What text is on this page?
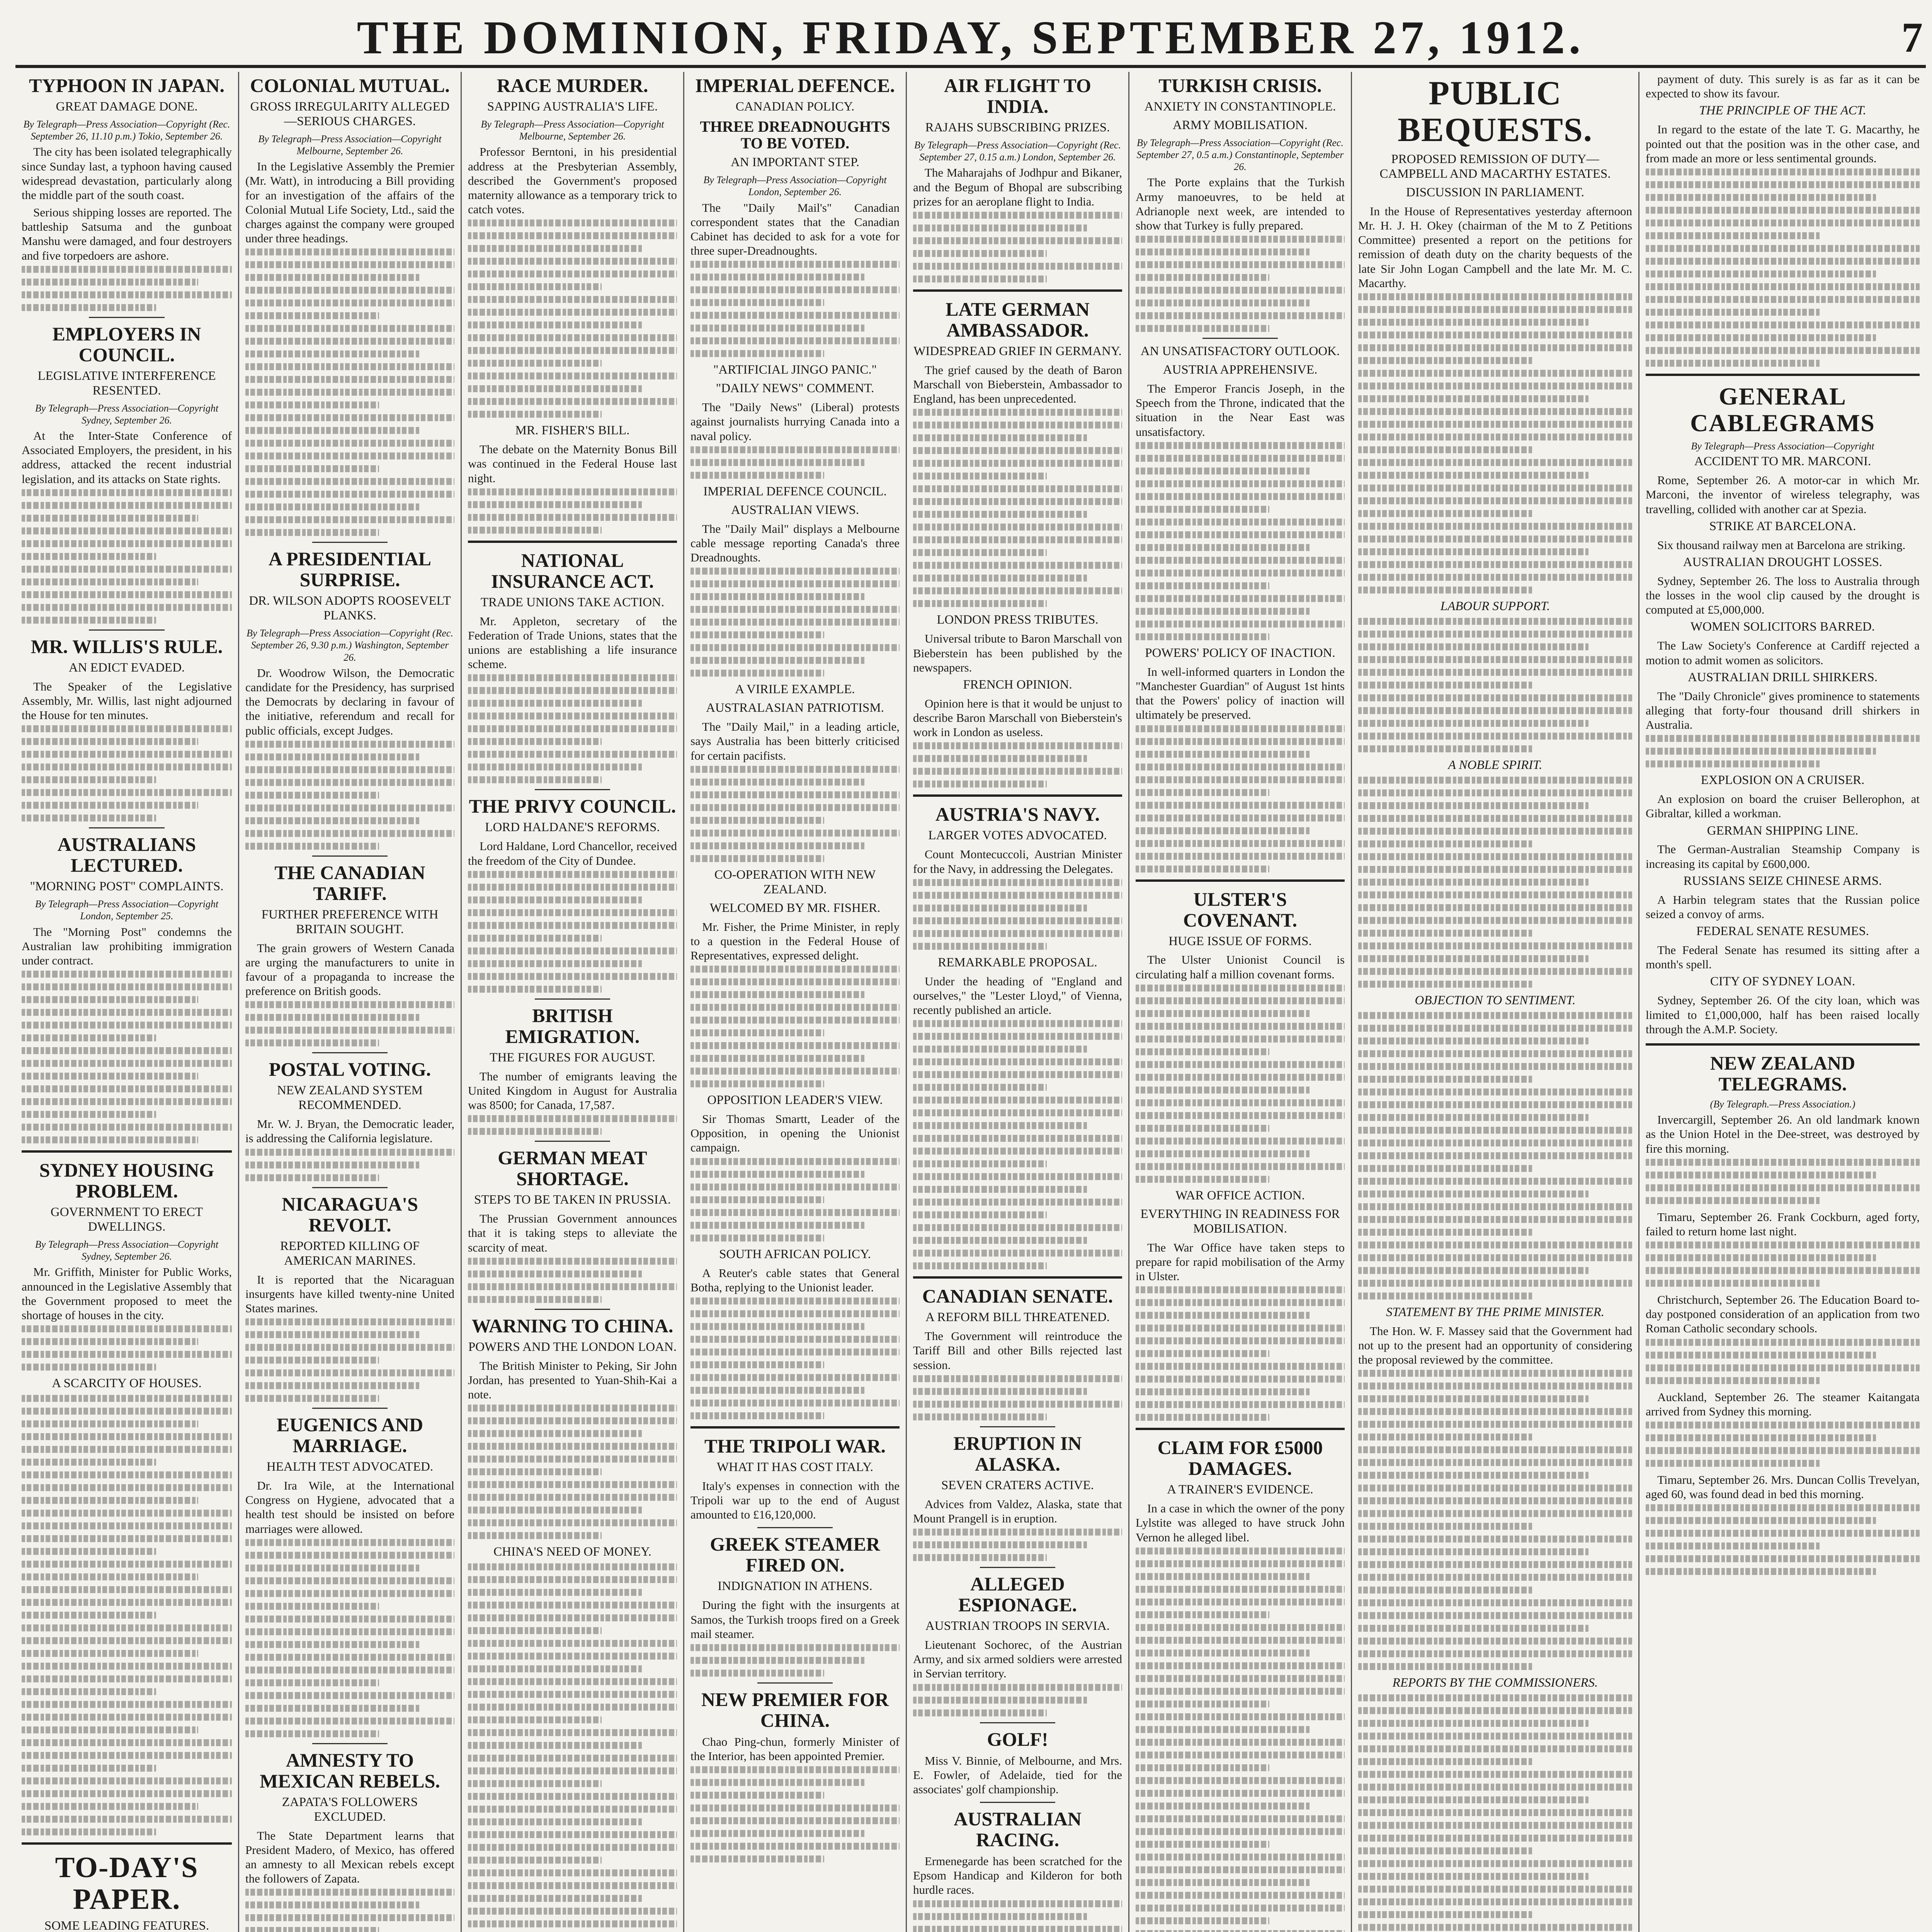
THE DOMINION, FRIDAY, SEPTEMBER 27, 1912.	7
TYPHOON IN JAPAN.
GREAT DAMAGE DONE.
By Telegraph—Press Association—Copyright (Rec. September 26, 11.10 p.m.) Tokio, September 26.

The city has been isolated telegraphically since Sunday last, a typhoon having caused widespread devastation, particularly along the middle part of the south coast.

Serious shipping losses are reported. The battleship Satsuma and the gunboat Manshu were damaged, and four destroyers and five torpedoers are ashore.

EMPLOYERS IN COUNCIL.
LEGISLATIVE INTERFERENCE RESENTED.
By Telegraph—Press Association—Copyright Sydney, September 26.

At the Inter-State Conference of Associated Employers, the president, in his address, attacked the recent industrial legislation, and its attacks on State rights.

MR. WILLIS'S RULE.
AN EDICT EVADED.

The Speaker of the Legislative Assembly, Mr. Willis, last night adjourned the House for ten minutes.

AUSTRALIANS LECTURED.
"MORNING POST" COMPLAINTS.
By Telegraph—Press Association—Copyright London, September 25.

The "Morning Post" condemns the Australian law prohibiting immigration under contract.

SYDNEY HOUSING PROBLEM.
GOVERNMENT TO ERECT DWELLINGS.
By Telegraph—Press Association—Copyright Sydney, September 26.

Mr. Griffith, Minister for Public Works, announced in the Legislative Assembly that the Government proposed to meet the shortage of houses in the city.

A SCARCITY OF HOUSES.
TO-DAY'S PAPER.
SOME LEADING FEATURES.
COLONIAL MUTUAL.
GROSS IRREGULARITY ALLEGED—SERIOUS CHARGES.
By Telegraph—Press Association—Copyright Melbourne, September 26.

In the Legislative Assembly the Premier (Mr. Watt), in introducing a Bill providing for an investigation of the affairs of the Colonial Mutual Life Society, Ltd., said the charges against the company were grouped under three headings.

A PRESIDENTIAL SURPRISE.
DR. WILSON ADOPTS ROOSEVELT PLANKS.
By Telegraph—Press Association—Copyright (Rec. September 26, 9.30 p.m.) Washington, September 26.

Dr. Woodrow Wilson, the Democratic candidate for the Presidency, has surprised the Democrats by declaring in favour of the initiative, referendum and recall for public officials, except Judges.

THE CANADIAN TARIFF.
FURTHER PREFERENCE WITH BRITAIN SOUGHT.

The grain growers of Western Canada are urging the manufacturers to unite in favour of a propaganda to increase the preference on British goods.

POSTAL VOTING.
NEW ZEALAND SYSTEM RECOMMENDED.

Mr. W. J. Bryan, the Democratic leader, is addressing the California legislature.

NICARAGUA'S REVOLT.
REPORTED KILLING OF AMERICAN MARINES.

It is reported that the Nicaraguan insurgents have killed twenty-nine United States marines.

EUGENICS AND MARRIAGE.
HEALTH TEST ADVOCATED.

Dr. Ira Wile, at the International Congress on Hygiene, advocated that a health test should be insisted on before marriages were allowed.

AMNESTY TO MEXICAN REBELS.
ZAPATA'S FOLLOWERS EXCLUDED.

The State Department learns that President Madero, of Mexico, has offered an amnesty to all Mexican rebels except the followers of Zapata.

RACE MURDER.
SAPPING AUSTRALIA'S LIFE.
By Telegraph—Press Association—Copyright Melbourne, September 26.

Professor Berntoni, in his presidential address at the Presbyterian Assembly, described the Government's proposed maternity allowance as a temporary trick to catch votes.

MR. FISHER'S BILL.

The debate on the Maternity Bonus Bill was continued in the Federal House last night.

NATIONAL INSURANCE ACT.
TRADE UNIONS TAKE ACTION.

Mr. Appleton, secretary of the Federation of Trade Unions, states that the unions are establishing a life insurance scheme.

THE PRIVY COUNCIL.
LORD HALDANE'S REFORMS.

Lord Haldane, Lord Chancellor, received the freedom of the City of Dundee.

BRITISH EMIGRATION.
THE FIGURES FOR AUGUST.

The number of emigrants leaving the United Kingdom in August for Australia was 8500; for Canada, 17,587.

GERMAN MEAT SHORTAGE.
STEPS TO BE TAKEN IN PRUSSIA.

The Prussian Government announces that it is taking steps to alleviate the scarcity of meat.

WARNING TO CHINA.
POWERS AND THE LONDON LOAN.

The British Minister to Peking, Sir John Jordan, has presented to Yuan-Shih-Kai a note.

CHINA'S NEED OF MONEY.
IMPERIAL DEFENCE.
CANADIAN POLICY.
THREE DREADNOUGHTS TO BE VOTED.
AN IMPORTANT STEP.
By Telegraph—Press Association—Copyright London, September 26.

The "Daily Mail's" Canadian correspondent states that the Canadian Cabinet has decided to ask for a vote for three super-Dreadnoughts.

"ARTIFICIAL JINGO PANIC."
"DAILY NEWS" COMMENT.

The "Daily News" (Liberal) protests against journalists hurrying Canada into a naval policy.

IMPERIAL DEFENCE COUNCIL.
AUSTRALIAN VIEWS.

The "Daily Mail" displays a Melbourne cable message reporting Canada's three Dreadnoughts.

A VIRILE EXAMPLE.
AUSTRALASIAN PATRIOTISM.

The "Daily Mail," in a leading article, says Australia has been bitterly criticised for certain pacifists.

CO-OPERATION WITH NEW ZEALAND.
WELCOMED BY MR. FISHER.

Mr. Fisher, the Prime Minister, in reply to a question in the Federal House of Representatives, expressed delight.

OPPOSITION LEADER'S VIEW.

Sir Thomas Smartt, Leader of the Opposition, in opening the Unionist campaign.

SOUTH AFRICAN POLICY.

A Reuter's cable states that General Botha, replying to the Unionist leader.

THE TRIPOLI WAR.
WHAT IT HAS COST ITALY.

Italy's expenses in connection with the Tripoli war up to the end of August amounted to £16,120,000.

GREEK STEAMER FIRED ON.
INDIGNATION IN ATHENS.

During the fight with the insurgents at Samos, the Turkish troops fired on a Greek mail steamer.

NEW PREMIER FOR CHINA.

Chao Ping-chun, formerly Minister of the Interior, has been appointed Premier.

AIR FLIGHT TO INDIA.
RAJAHS SUBSCRIBING PRIZES.
By Telegraph—Press Association—Copyright (Rec. September 27, 0.15 a.m.) London, September 26.

The Maharajahs of Jodhpur and Bikaner, and the Begum of Bhopal are subscribing prizes for an aeroplane flight to India.

LATE GERMAN AMBASSADOR.
WIDESPREAD GRIEF IN GERMANY.

The grief caused by the death of Baron Marschall von Bieberstein, Ambassador to England, has been unprecedented.

LONDON PRESS TRIBUTES.

Universal tribute to Baron Marschall von Bieberstein has been published by the newspapers.

FRENCH OPINION.

Opinion here is that it would be unjust to describe Baron Marschall von Bieberstein's work in London as useless.

AUSTRIA'S NAVY.
LARGER VOTES ADVOCATED.

Count Montecuccoli, Austrian Minister for the Navy, in addressing the Delegates.

REMARKABLE PROPOSAL.

Under the heading of "England and ourselves," the "Lester Lloyd," of Vienna, recently published an article.

CANADIAN SENATE.
A REFORM BILL THREATENED.

The Government will reintroduce the Tariff Bill and other Bills rejected last session.

ERUPTION IN ALASKA.
SEVEN CRATERS ACTIVE.

Advices from Valdez, Alaska, state that Mount Prangell is in eruption.

ALLEGED ESPIONAGE.
AUSTRIAN TROOPS IN SERVIA.

Lieutenant Sochorec, of the Austrian Army, and six armed soldiers were arrested in Servian territory.

GOLF!

Miss V. Binnie, of Melbourne, and Mrs. E. Fowler, of Adelaide, tied for the associates' golf championship.

AUSTRALIAN RACING.

Ermenegarde has been scratched for the Epsom Handicap and Kilderon for both hurdle races.

TURKISH CRISIS.
ANXIETY IN CONSTANTINOPLE.
ARMY MOBILISATION.
By Telegraph—Press Association—Copyright (Rec. September 27, 0.5 a.m.) Constantinople, September 26.

The Porte explains that the Turkish Army manoeuvres, to be held at Adrianople next week, are intended to show that Turkey is fully prepared.

AN UNSATISFACTORY OUTLOOK.
AUSTRIA APPREHENSIVE.

The Emperor Francis Joseph, in the Speech from the Throne, indicated that the situation in the Near East was unsatisfactory.

POWERS' POLICY OF INACTION.

In well-informed quarters in London the "Manchester Guardian" of August 1st hints that the Powers' policy of inaction will ultimately be preserved.

ULSTER'S COVENANT.
HUGE ISSUE OF FORMS.

The Ulster Unionist Council is circulating half a million covenant forms.

WAR OFFICE ACTION.
EVERYTHING IN READINESS FOR MOBILISATION.

The War Office have taken steps to prepare for rapid mobilisation of the Army in Ulster.

CLAIM FOR £5000 DAMAGES.
A TRAINER'S EVIDENCE.

In a case in which the owner of the pony Lylstite was alleged to have struck John Vernon he alleged libel.

PUBLIC BEQUESTS.
PROPOSED REMISSION OF DUTY—CAMPBELL AND MACARTHY ESTATES.
DISCUSSION IN PARLIAMENT.

In the House of Representatives yesterday afternoon Mr. H. J. H. Okey (chairman of the M to Z Petitions Committee) presented a report on the petitions for remission of death duty on the charity bequests of the late Sir John Logan Campbell and the late Mr. M. C. Macarthy.

LABOUR SUPPORT.
A NOBLE SPIRIT.
OBJECTION TO SENTIMENT.
STATEMENT BY THE PRIME MINISTER.

The Hon. W. F. Massey said that the Government had not up to the present had an opportunity of considering the proposal reviewed by the committee.

REPORTS BY THE COMMISSIONERS.

payment of duty. This surely is as far as it can be expected to show its favour.

THE PRINCIPLE OF THE ACT.

In regard to the estate of the late T. G. Macarthy, he pointed out that the position was in the other case, and from made an more or less sentimental grounds.

GENERAL CABLEGRAMS
By Telegraph—Press Association—Copyright
ACCIDENT TO MR. MARCONI.

Rome, September 26. A motor-car in which Mr. Marconi, the inventor of wireless telegraphy, was travelling, collided with another car at Spezia.

STRIKE AT BARCELONA.

Six thousand railway men at Barcelona are striking.

AUSTRALIAN DROUGHT LOSSES.

Sydney, September 26. The loss to Australia through the losses in the wool clip caused by the drought is computed at £5,000,000.

WOMEN SOLICITORS BARRED.

The Law Society's Conference at Cardiff rejected a motion to admit women as solicitors.

AUSTRALIAN DRILL SHIRKERS.

The "Daily Chronicle" gives prominence to statements alleging that forty-four thousand drill shirkers in Australia.

EXPLOSION ON A CRUISER.

An explosion on board the cruiser Bellerophon, at Gibraltar, killed a workman.

GERMAN SHIPPING LINE.

The German-Australian Steamship Company is increasing its capital by £600,000.

RUSSIANS SEIZE CHINESE ARMS.

A Harbin telegram states that the Russian police seized a convoy of arms.

FEDERAL SENATE RESUMES.

The Federal Senate has resumed its sitting after a month's spell.

CITY OF SYDNEY LOAN.

Sydney, September 26. Of the city loan, which was limited to £1,000,000, half has been raised locally through the A.M.P. Society.

NEW ZEALAND TELEGRAMS.
(By Telegraph.—Press Association.)

Invercargill, September 26. An old landmark known as the Union Hotel in the Dee-street, was destroyed by fire this morning.

Timaru, September 26. Frank Cockburn, aged forty, failed to return home last night.

Christchurch, September 26. The Education Board to-day postponed consideration of an application from two Roman Catholic secondary schools.

Auckland, September 26. The steamer Kaitangata arrived from Sydney this morning.

Timaru, September 26. Mrs. Duncan Collis Trevelyan, aged 60, was found dead in bed this morning.
